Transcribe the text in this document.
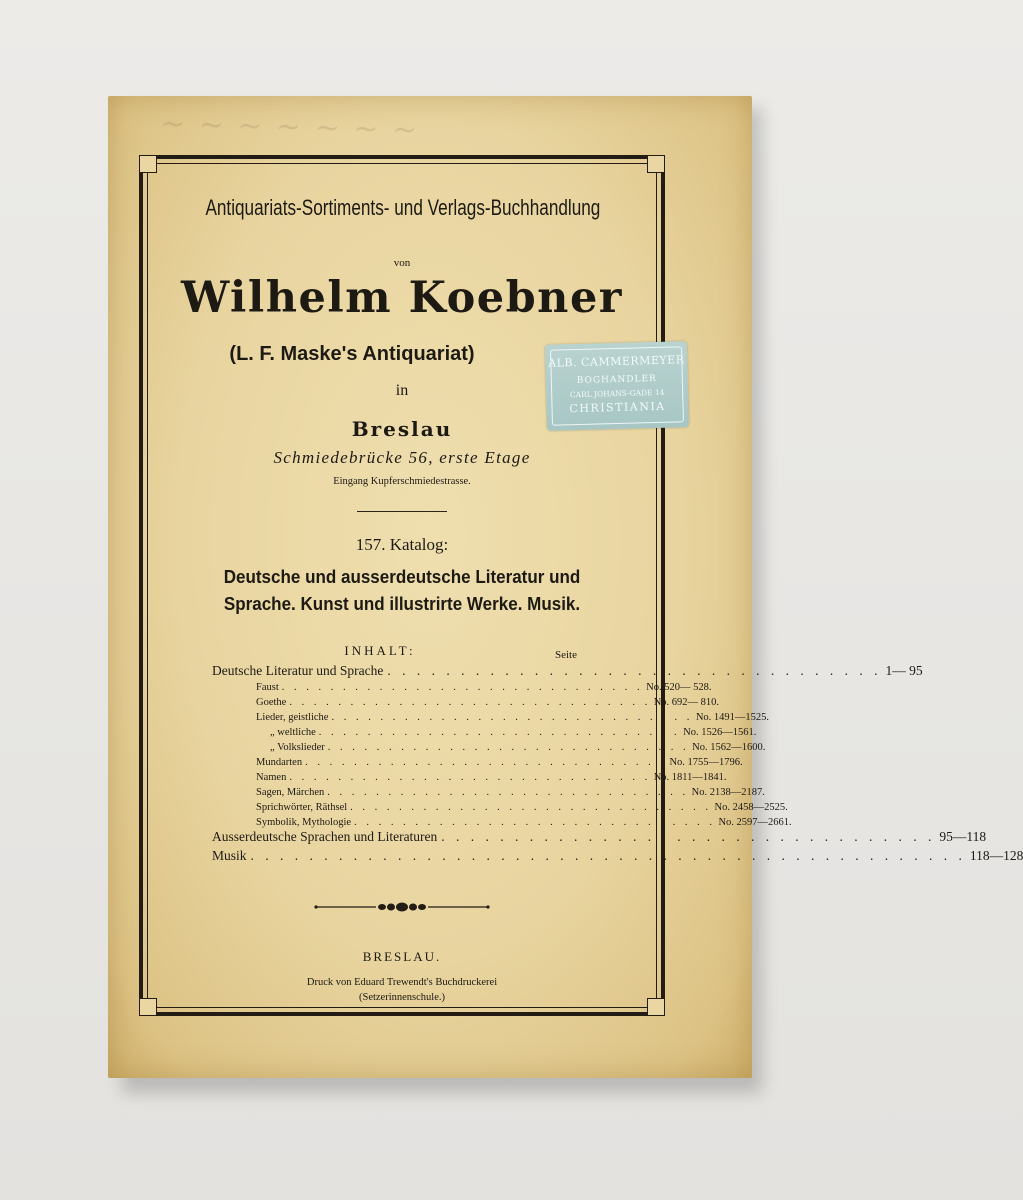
~ ~ ~ ~ ~ ~ ~
Antiquariats-Sortiments- und Verlags-Buchhandlung
von
Wilhelm Koebner
(L. F. Maske's Antiquariat)
in
Breslau
Schmiedebrücke 56, erste Etage
Eingang Kupferschmiedestrasse.
157. Katalog:
Deutsche und ausserdeutsche Literatur und
Sprache. Kunst und illustrirte Werke. Musik.
INHALT:	Seite
Deutsche Literatur und Sprache . . . . . . . . . . . . . . . . . . . . . . . . . . . . . . . . . . 1— 95
Faust . . . . . . . . . . . . . . . . . . . . . . . . . . . . . . No. 520— 528.
Goethe . . . . . . . . . . . . . . . . . . . . . . . . . . . . . . No. 692— 810.
Lieder, geistliche . . . . . . . . . . . . . . . . . . . . . . . . . . . . . . No. 1491—1525.
„ weltliche . . . . . . . . . . . . . . . . . . . . . . . . . . . . . . No. 1526—1561.
„ Volkslieder . . . . . . . . . . . . . . . . . . . . . . . . . . . . . . No. 1562—1600.
Mundarten . . . . . . . . . . . . . . . . . . . . . . . . . . . . . . No. 1755—1796.
Namen . . . . . . . . . . . . . . . . . . . . . . . . . . . . . . No. 1811—1841.
Sagen, Märchen . . . . . . . . . . . . . . . . . . . . . . . . . . . . . . No. 2138—2187.
Sprichwörter, Räthsel . . . . . . . . . . . . . . . . . . . . . . . . . . . . . . No. 2458—2525.
Symbolik, Mythologie . . . . . . . . . . . . . . . . . . . . . . . . . . . . . . No. 2597—2661.
Ausserdeutsche Sprachen und Literaturen . . . . . . . . . . . . . . . . . . . . . . . . . . . . . . . . . . 95—118
Musik . . . . . . . . . . . . . . . . . . . . . . . . . . . . . . . . . . . . . . . . . . . . . . . . . 118—128
BRESLAU.
Druck von Eduard Trewendt's Buchdruckerei
(Setzerinnenschule.)
ALB. CAMMERMEYER
BOGHANDLER
CARL JOHANS-GADE 14
CHRISTIANIA
